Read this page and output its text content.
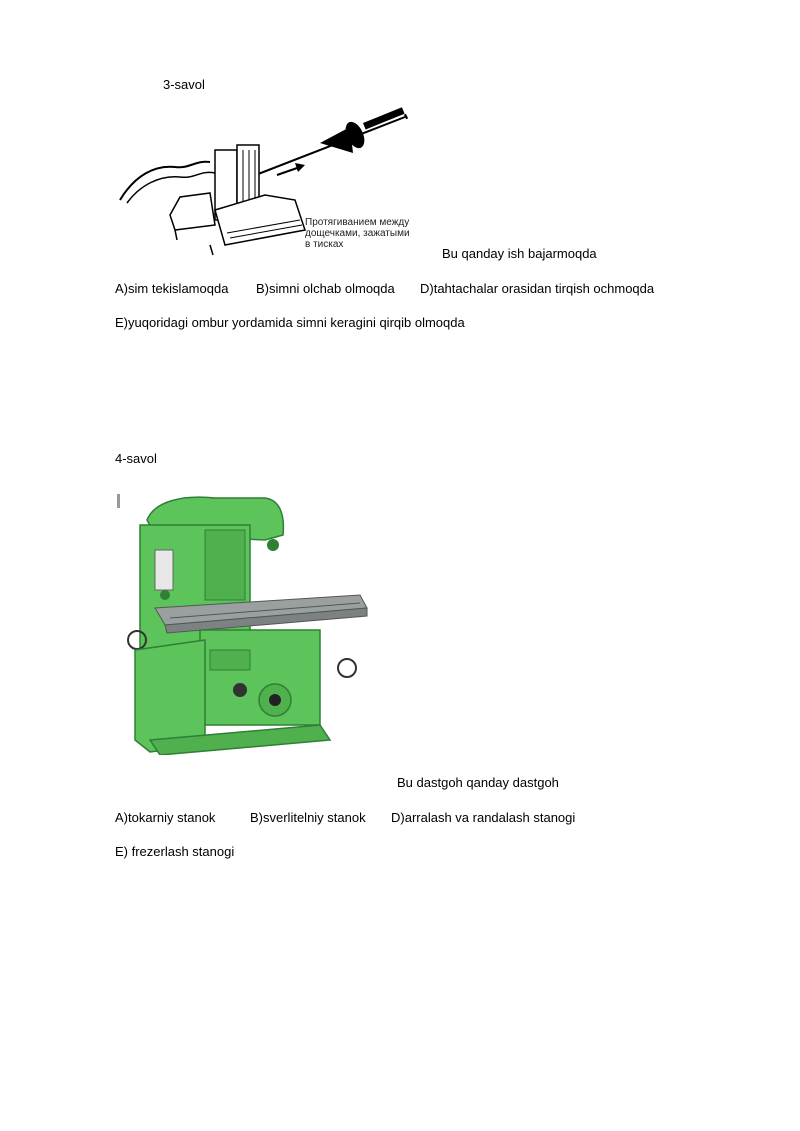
3-savol
Протягиванием между
дощечками, зажатыми
в тисках
Bu qanday ish bajarmoqda
A)sim tekislamoqda B)simni olchab olmoqda D)tahtachalar orasidan tirqish ochmoqda
E)yuqoridagi ombur yordamida simni keragini qirqib olmoqda
4-savol
Bu dastgoh qanday dastgoh
A)tokarniy stanok	B)sverlitelniy stanok D)arralash va randalash stanogi
E) frezerlash stanogi
